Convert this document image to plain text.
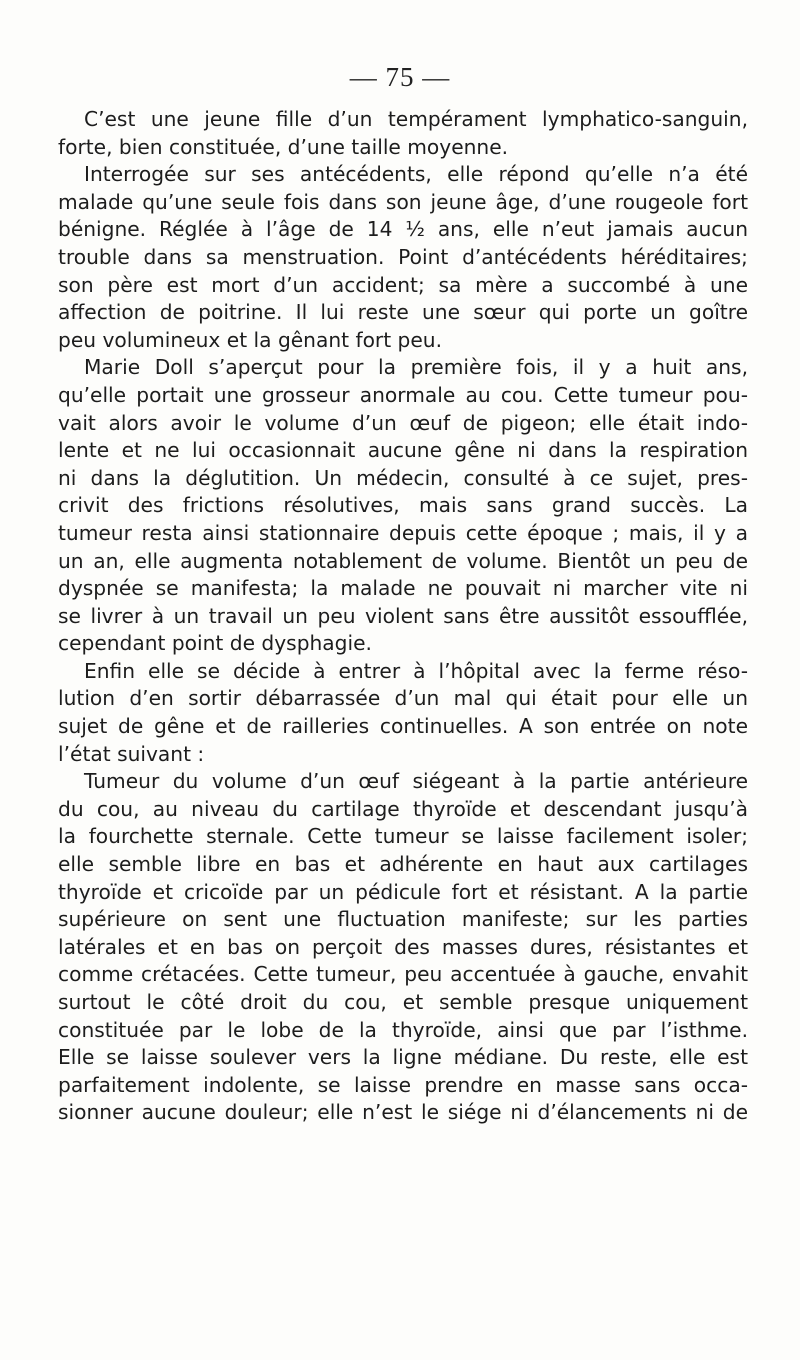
— 75 —
C’est une jeune fille d’un tempérament lymphatico-sanguin,
forte, bien constituée, d’une taille moyenne.
Interrogée sur ses antécédents, elle répond qu’elle n’a été
malade qu’une seule fois dans son jeune âge, d’une rougeole fort
bénigne. Réglée à l’âge de 14 ½ ans, elle n’eut jamais aucun
trouble dans sa menstruation. Point d’antécédents héréditaires;
son père est mort d’un accident; sa mère a succombé à une
affection de poitrine. Il lui reste une sœur qui porte un goître
peu volumineux et la gênant fort peu.
Marie Doll s’aperçut pour la première fois, il y a huit ans,
qu’elle portait une grosseur anormale au cou. Cette tumeur pou-
vait alors avoir le volume d’un œuf de pigeon; elle était indo-
lente et ne lui occasionnait aucune gêne ni dans la respiration
ni dans la déglutition. Un médecin, consulté à ce sujet, pres-
crivit des frictions résolutives, mais sans grand succès. La
tumeur resta ainsi stationnaire depuis cette époque ; mais, il y a
un an, elle augmenta notablement de volume. Bientôt un peu de
dyspnée se manifesta; la malade ne pouvait ni marcher vite ni
se livrer à un travail un peu violent sans être aussitôt essoufflée,
cependant point de dysphagie.
Enfin elle se décide à entrer à l’hôpital avec la ferme réso-
lution d’en sortir débarrassée d’un mal qui était pour elle un
sujet de gêne et de railleries continuelles. A son entrée on note
l’état suivant :
Tumeur du volume d’un œuf siégeant à la partie antérieure
du cou, au niveau du cartilage thyroïde et descendant jusqu’à
la fourchette sternale. Cette tumeur se laisse facilement isoler;
elle semble libre en bas et adhérente en haut aux cartilages
thyroïde et cricoïde par un pédicule fort et résistant. A la partie
supérieure on sent une fluctuation manifeste; sur les parties
latérales et en bas on perçoit des masses dures, résistantes et
comme crétacées. Cette tumeur, peu accentuée à gauche, envahit
surtout le côté droit du cou, et semble presque uniquement
constituée par le lobe de la thyroïde, ainsi que par l’isthme.
Elle se laisse soulever vers la ligne médiane. Du reste, elle est
parfaitement indolente, se laisse prendre en masse sans occa-
sionner aucune douleur; elle n’est le siége ni d’élancements ni de
